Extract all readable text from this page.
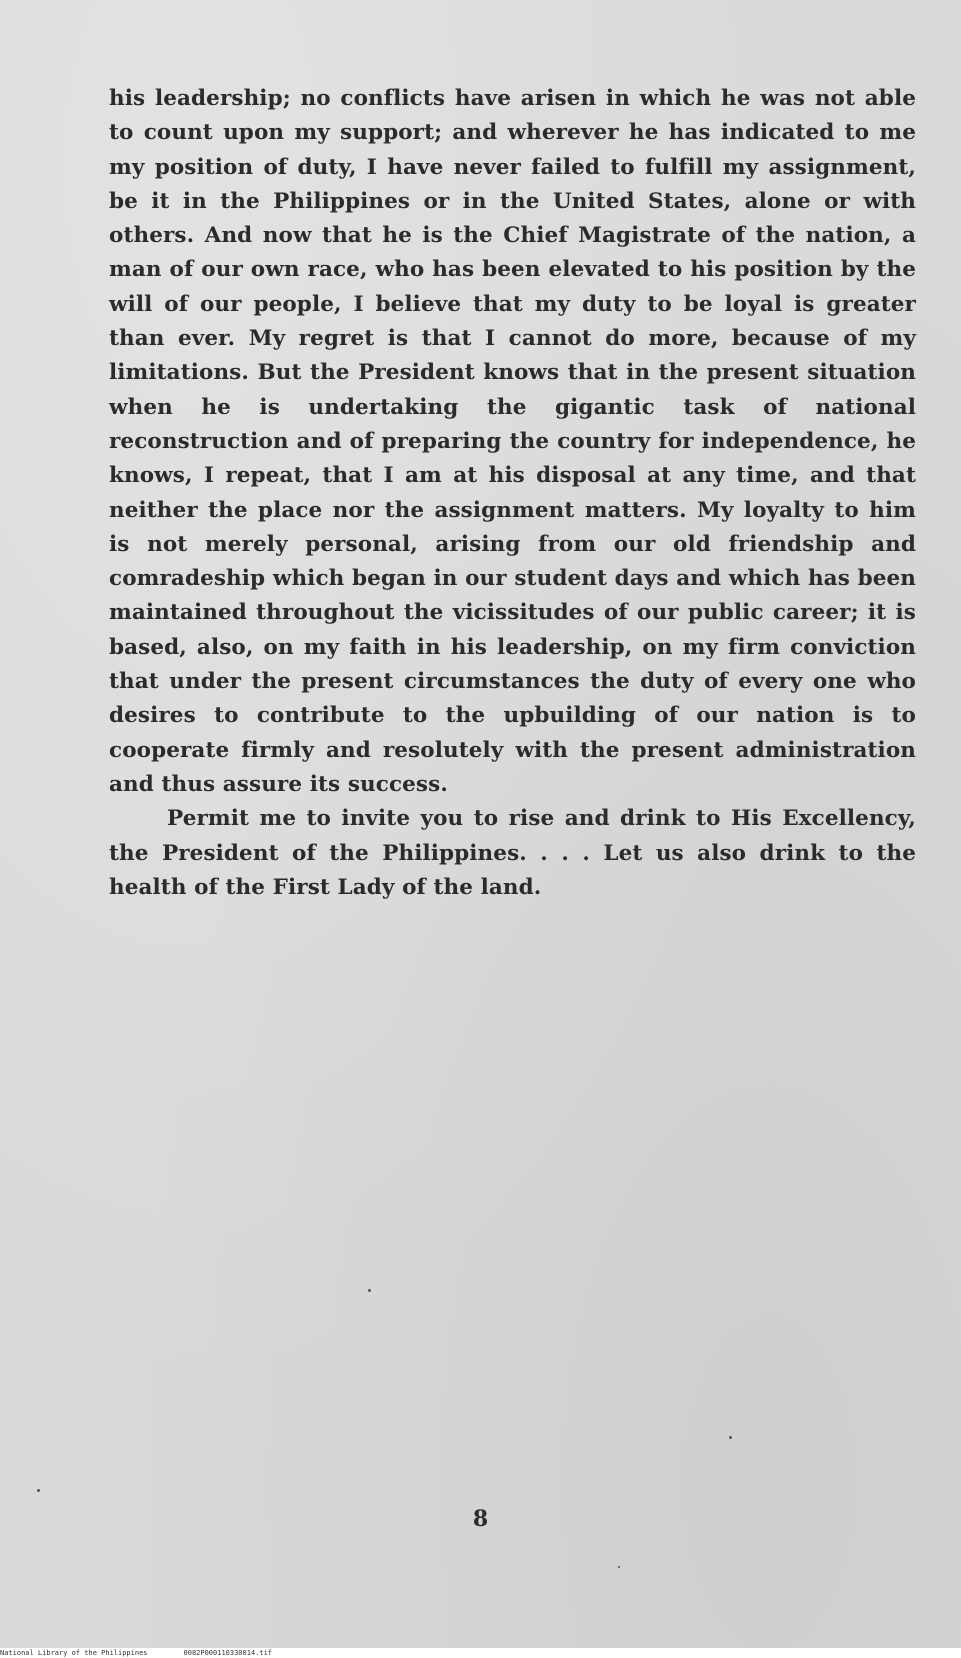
his leadership; no conflicts have arisen in which he was not able to count upon my support; and wherever he has indicated to me my position of duty, I have never failed to fulfill my assignment, be it in the Philippines or in the United States, alone or with others. And now that he is the Chief Magistrate of the nation, a man of our own race, who has been elevated to his position by the will of our people, I believe that my duty to be loyal is greater than ever. My regret is that I cannot do more, because of my limitations. But the President knows that in the present situation when he is undertaking the gigantic task of national reconstruction and of preparing the country for independence, he knows, I repeat, that I am at his disposal at any time, and that neither the place nor the assignment matters. My loyalty to him is not merely personal, arising from our old friendship and comradeship which began in our student days and which has been maintained throughout the vicissitudes of our public career; it is based, also, on my faith in his leadership, on my firm conviction that under the present circumstances the duty of every one who desires to contribute to the upbuilding of our nation is to cooperate firmly and resolutely with the present administration and thus assure its success.

Permit me to invite you to rise and drink to His Excellency, the President of the Philippines. . . . Let us also drink to the health of the First Lady of the land.

8
National Library of the Philippines	0082P000110330014.tif
